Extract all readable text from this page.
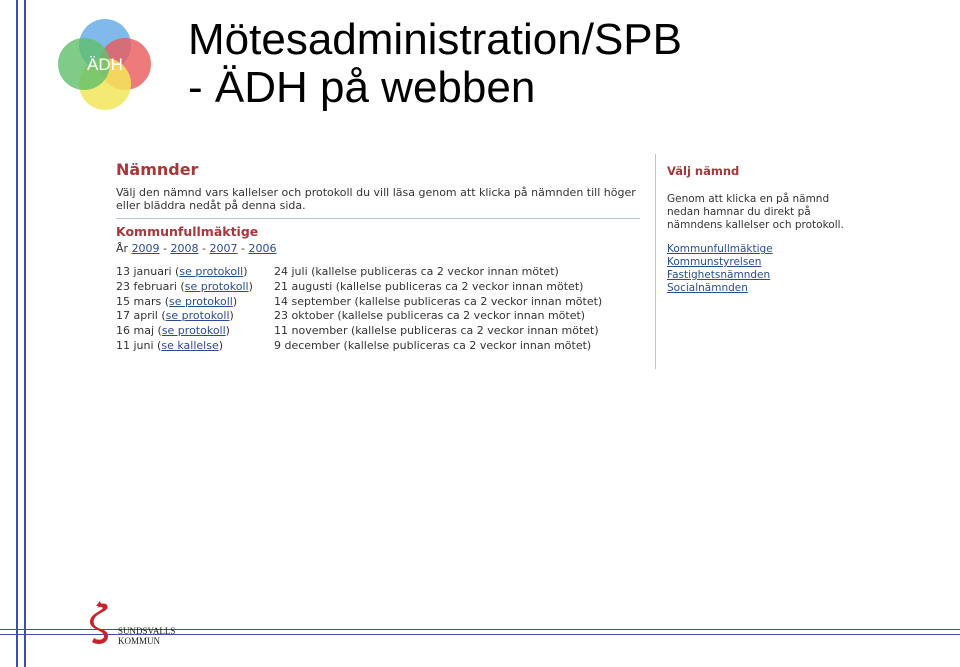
ÄDH
Mötesadministration/SPB
- ÄDH på webben
Nämnder

Välj den nämnd vars kallelser och protokoll du vill läsa genom att klicka på nämnden till höger eller bläddra nedåt på denna sida.

Kommunfullmäktige
År 2009 - 2008 - 2007 - 2006
13 januari (se protokoll)
23 februari (se protokoll)
15 mars (se protokoll)
17 april (se protokoll)
16 maj (se protokoll)
11 juni (se kallelse)
24 juli (kallelse publiceras ca 2 veckor innan mötet)
21 augusti (kallelse publiceras ca 2 veckor innan mötet)
14 september (kallelse publiceras ca 2 veckor innan mötet)
23 oktober (kallelse publiceras ca 2 veckor innan mötet)
11 november (kallelse publiceras ca 2 veckor innan mötet)
9 december (kallelse publiceras ca 2 veckor innan mötet)
Välj nämnd

Genom att klicka en på nämnd nedan hamnar du direkt på nämndens kallelser och protokoll.

Kommunfullmäktige
Kommunstyrelsen
Fastighetsnämnden
Socialnämnden
SUNDSVALLS
KOMMUN
